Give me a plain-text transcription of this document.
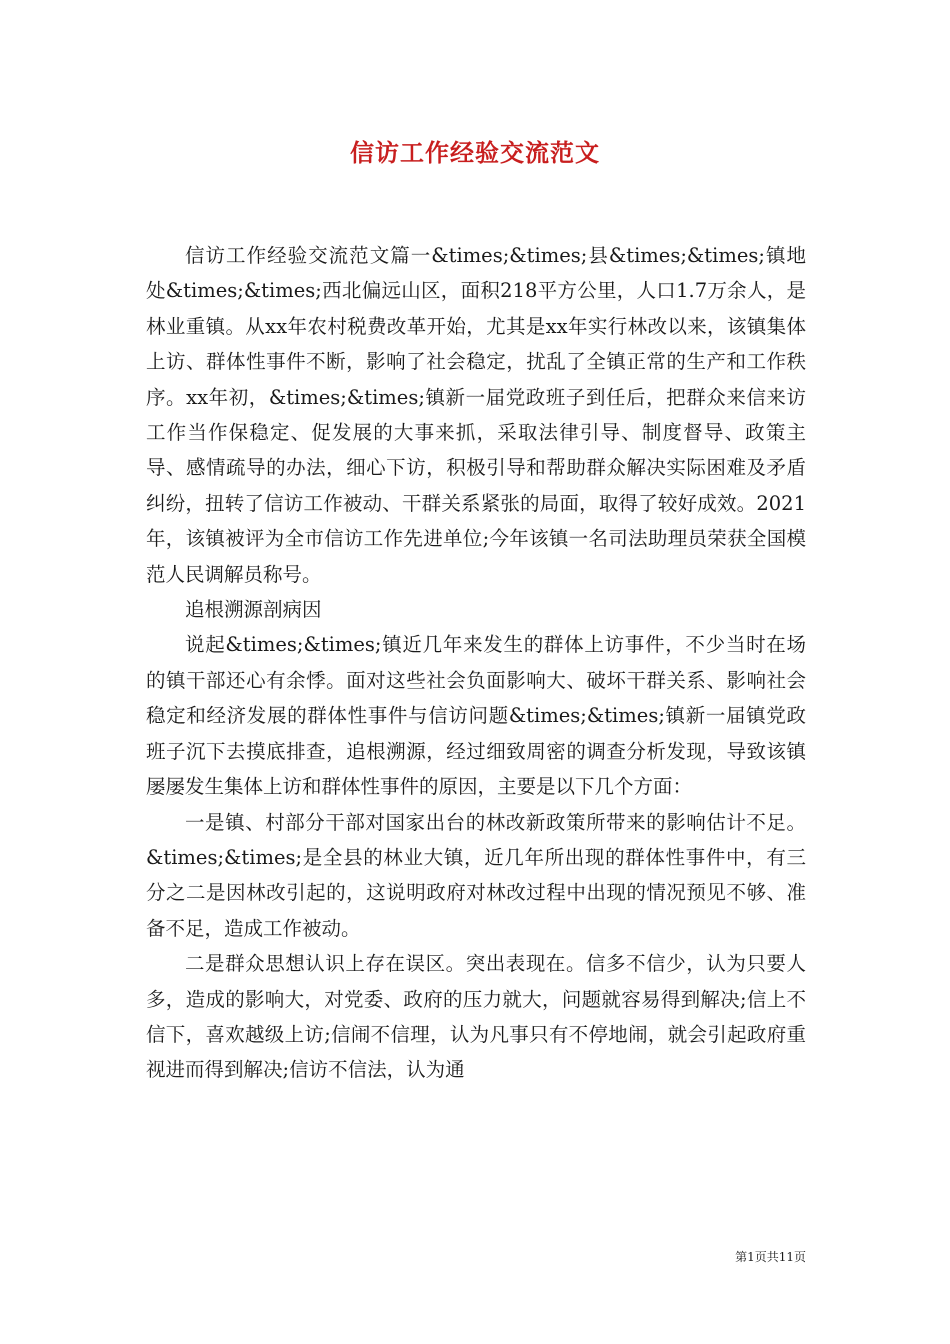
信访工作经验交流范文

信访工作经验交流范文篇一&times;&times;县&times;&times;镇地处&times;&times;西北偏远山区，面积218平方公里，人口1.7万余人，是林业重镇。从xx年农村税费改革开始，尤其是xx年实行林改以来，该镇集体上访、群体性事件不断，影响了社会稳定，扰乱了全镇正常的生产和工作秩序。xx年初，&times;&times;镇新一届党政班子到任后，把群众来信来访工作当作保稳定、促发展的大事来抓，采取法律引导、制度督导、政策主导、感情疏导的办法，细心下访，积极引导和帮助群众解决实际困难及矛盾纠纷，扭转了信访工作被动、干群关系紧张的局面，取得了较好成效。2021年，该镇被评为全市信访工作先进单位;今年该镇一名司法助理员荣获全国模范人民调解员称号。

追根溯源剖病因

说起&times;&times;镇近几年来发生的群体上访事件，不少当时在场的镇干部还心有余悸。面对这些社会负面影响大、破坏干群关系、影响社会稳定和经济发展的群体性事件与信访问题&times;&times;镇新一届镇党政班子沉下去摸底排查，追根溯源，经过细致周密的调查分析发现，导致该镇屡屡发生集体上访和群体性事件的原因，主要是以下几个方面：

一是镇、村部分干部对国家出台的林改新政策所带来的影响估计不足。&times;&times;是全县的林业大镇，近几年所出现的群体性事件中，有三分之二是因林改引起的，这说明政府对林改过程中出现的情况预见不够、准备不足，造成工作被动。

二是群众思想认识上存在误区。突出表现在。信多不信少，认为只要人多，造成的影响大，对党委、政府的压力就大，问题就容易得到解决;信上不信下，喜欢越级上访;信闹不信理，认为凡事只有不停地闹，就会引起政府重视进而得到解决;信访不信法，认为通

第1页共11页
